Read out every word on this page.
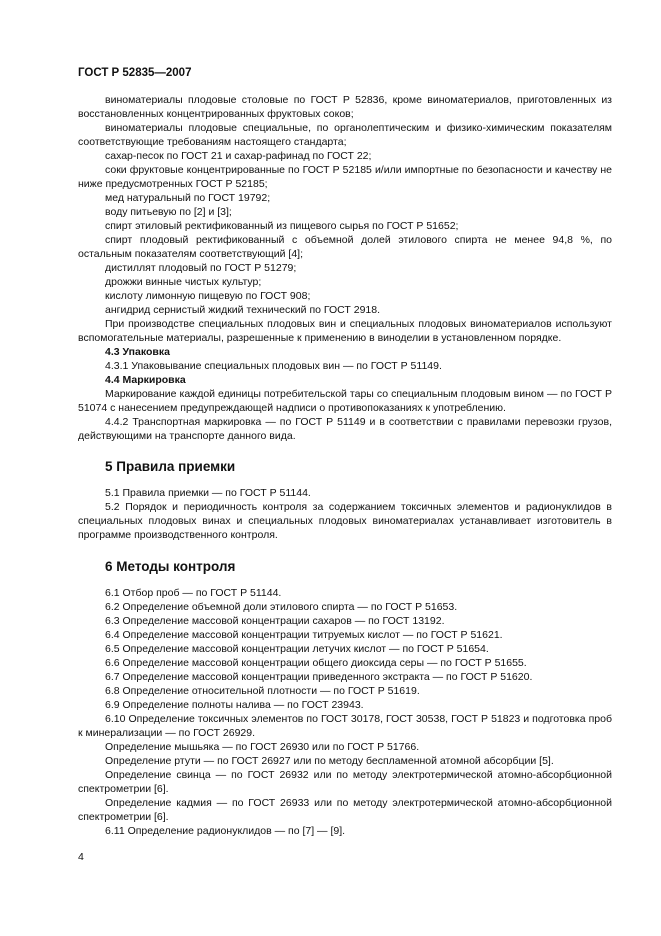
ГОСТ Р 52835—2007

виноматериалы плодовые столовые по ГОСТ Р 52836, кроме виноматериалов, приготовленных из восстановленных концентрированных фруктовых соков;

виноматериалы плодовые специальные, по органолептическим и физико-химическим показателям соответствующие требованиям настоящего стандарта;

сахар-песок по ГОСТ 21 и сахар-рафинад по ГОСТ 22;

соки фруктовые концентрированные по ГОСТ Р 52185 и/или импортные по безопасности и качеству не ниже предусмотренных ГОСТ Р 52185;

мед натуральный по ГОСТ 19792;

воду питьевую по [2] и [3];

спирт этиловый ректификованный из пищевого сырья по ГОСТ Р 51652;

спирт плодовый ректификованный с объемной долей этилового спирта не менее 94,8 %, по остальным показателям соответствующий [4];

дистиллят плодовый по ГОСТ Р 51279;

дрожжи винные чистых культур;

кислоту лимонную пищевую по ГОСТ 908;

ангидрид сернистый жидкий технический по ГОСТ 2918.

При производстве специальных плодовых вин и специальных плодовых виноматериалов используют вспомогательные материалы, разрешенные к применению в виноделии в установленном порядке.

4.3 Упаковка

4.3.1 Упаковывание специальных плодовых вин — по ГОСТ Р 51149.

4.4 Маркировка

Маркирование каждой единицы потребительской тары со специальным плодовым вином — по ГОСТ Р 51074 с нанесением предупреждающей надписи о противопоказаниях к употреблению.

4.4.2 Транспортная маркировка — по ГОСТ Р 51149 и в соответствии с правилами перевозки грузов, действующими на транспорте данного вида.

5 Правила приемки

5.1 Правила приемки — по ГОСТ Р 51144.

5.2 Порядок и периодичность контроля за содержанием токсичных элементов и радионуклидов в специальных плодовых винах и специальных плодовых виноматериалах устанавливает изготовитель в программе производственного контроля.

6 Методы контроля

6.1 Отбор проб — по ГОСТ Р 51144.

6.2 Определение объемной доли этилового спирта — по ГОСТ Р 51653.

6.3 Определение массовой концентрации сахаров — по ГОСТ 13192.

6.4 Определение массовой концентрации титруемых кислот — по ГОСТ Р 51621.

6.5 Определение массовой концентрации летучих кислот — по ГОСТ Р 51654.

6.6 Определение массовой концентрации общего диоксида серы — по ГОСТ Р 51655.

6.7 Определение массовой концентрации приведенного экстракта — по ГОСТ Р 51620.

6.8 Определение относительной плотности — по ГОСТ Р 51619.

6.9 Определение полноты налива — по ГОСТ 23943.

6.10 Определение токсичных элементов по ГОСТ 30178, ГОСТ 30538, ГОСТ Р 51823 и подготовка проб к минерализации — по ГОСТ 26929.

Определение мышьяка — по ГОСТ 26930 или по ГОСТ Р 51766.

Определение ртути — по ГОСТ 26927 или по методу беспламенной атомной абсорбции [5].

Определение свинца — по ГОСТ 26932 или по методу электротермической атомно-абсорбционной спектрометрии [6].

Определение кадмия — по ГОСТ 26933 или по методу электротермической атомно-абсорбционной спектрометрии [6].

6.11 Определение радионуклидов — по [7] — [9].

4
